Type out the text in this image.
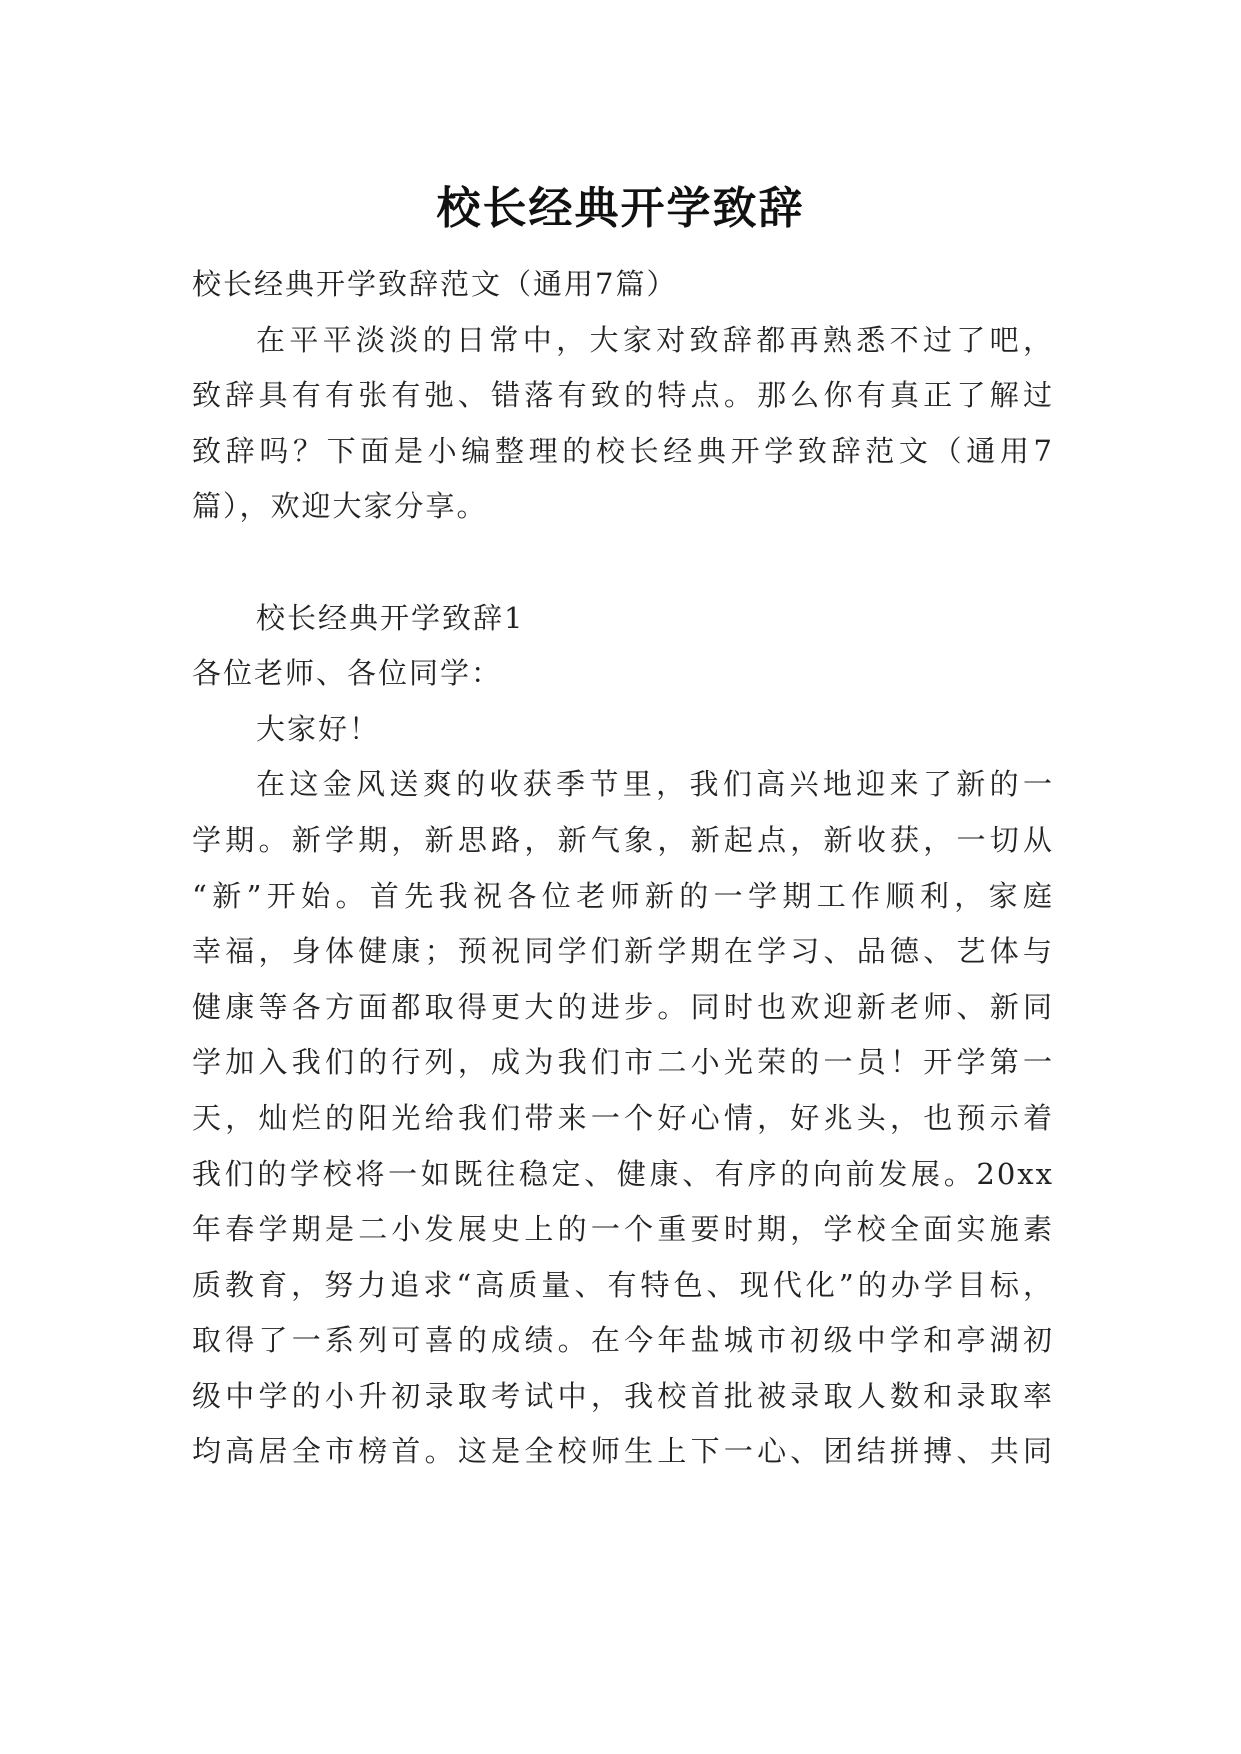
校长经典开学致辞

校长经典开学致辞范文（通用7篇）

在平平淡淡的日常中，大家对致辞都再熟悉不过了吧，

致辞具有有张有弛、错落有致的特点。那么你有真正了解过

致辞吗？下面是小编整理的校长经典开学致辞范文（通用7

篇），欢迎大家分享。

校长经典开学致辞1

各位老师、各位同学：

大家好！

在这金风送爽的收获季节里，我们高兴地迎来了新的一

学期。新学期，新思路，新气象，新起点，新收获，一切从

“新”开始。首先我祝各位老师新的一学期工作顺利，家庭

幸福，身体健康；预祝同学们新学期在学习、品德、艺体与

健康等各方面都取得更大的进步。同时也欢迎新老师、新同

学加入我们的行列，成为我们市二小光荣的一员！开学第一

天，灿烂的阳光给我们带来一个好心情，好兆头，也预示着

我们的学校将一如既往稳定、健康、有序的向前发展。20xx

年春学期是二小发展史上的一个重要时期，学校全面实施素

质教育，努力追求“高质量、有特色、现代化”的办学目标，

取得了一系列可喜的成绩。在今年盐城市初级中学和亭湖初

级中学的小升初录取考试中，我校首批被录取人数和录取率

均高居全市榜首。这是全校师生上下一心、团结拼搏、共同
